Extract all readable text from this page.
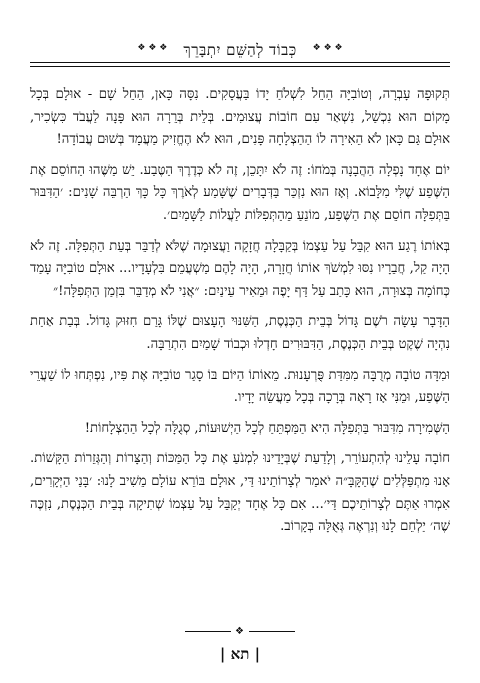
❖ ❖ ❖	כְּבוֹד לְהַשֵּׁם יִתְבָּרֵךְ	❖ ❖ ❖

תְּקוּפָה עָבְרָה, וְטוֹבִיָּה הֵחֵל לִשְׁלֹחַ יָדוֹ בַּעֲסָקִים. נִסָּה כָּאן, הֵחֵל שָׁם - אוּלָם בְּכָל מָקוֹם הוּא נִכְשַׁל, נִשְׁאַר עִם חוֹבוֹת עֲצוּמִים. בְּלֵית בְּרֵרָה הוּא פָּנָה לַעֲבֹד כִּשְׂכִיר, אוּלָם גַּם כָּאן לֹא הֵאִירָה לוֹ הַהַצְלָחָה פָּנִים, הוּא לֹא הֶחֱזִיק מַעֲמָד בְּשׁוּם עֲבוֹדָה!

יוֹם אֶחָד נָפְלָה הַהֲבָנָה בְּמֹחוֹ: זֶה לֹא יִתָּכֵן, זֶה לֹא כְּדֶרֶךְ הַטֶּבַע. יֵשׁ מַשֶּׁהוּ הַחוֹסֵם אֶת הַשֶּׁפַע שֶׁלִּי מִלָּבוֹא. וְאָז הוּא נִזְכַּר בַּדְּבָרִים שֶׁשָּׁמַע לְאֹרֶךְ כָּל כָּךְ הַרְבֵּה שָׁנִים: ׳הַדִּבּוּר בַּתְּפִלָּה חוֹסֵם אֶת הַשֶּׁפַע, מוֹנֵעַ מֵהַתְּפִלּוֹת לַעֲלוֹת לַשָּׁמַיִם׳.

בְּאוֹתוֹ רֶגַע הוּא קִבֵּל עַל עַצְמוֹ בְּקַבָּלָה חֲזָקָה וַעֲצוּמָה שֶׁלֹּא לְדַבֵּר בְּעֵת הַתְּפִלָּה. זֶה לֹא הָיָה קַל, חֲבֵרָיו נִסּוּ לִמְשֹׁךְ אוֹתוֹ חֲזָרָה, הָיָה לָהֶם מַשְׁעֲמֵם בִּלְעָדָיו... אוּלָם טוֹבִיָּה עָמַד כְּחוֹמָה בְּצוּרָה, הוּא כָּתַב עַל דַּף יָפֶה וּמֵאִיר עֵינַיִם: ״אֲנִי לֹא מְדַבֵּר בִּזְמַן הַתְּפִלָּה!״

הַדָּבָר עָשָׂה רֹשֶׁם גָּדוֹל בְּבֵית הַכְּנֶסֶת, הַשִּׁנּוּי הָעָצוּם שֶׁלּוֹ גָּרַם חִזּוּק גָּדוֹל. בְּבַת אַחַת נִהְיָה שֶׁקֶט בְּבֵית הַכְּנֶסֶת, הַדִּבּוּרִים חָדְלוּ וּכְבוֹד שָׁמַיִם הִתְרַבָּה.

וּמִדָּה טוֹבָה מְרֻבָּה מִמִּדַּת פֻּרְעָנוּת. מֵאוֹתוֹ הַיּוֹם בּוֹ סָגַר טוֹבִיָּה אֶת פִּיו, נִפְתְּחוּ לוֹ שַׁעֲרֵי הַשֶּׁפַע, וּמֵנִּי אָז רָאָה בְּרָכָה בְּכָל מַעֲשֵׂה יָדָיו.

הַשְּׁמִירָה מִדִּבּוּר בַּתְּפִלָּה הִיא הַמַּפְתֵּחַ לְכָל הַיְשׁוּעוֹת, סְגֻלָּה לְכָל הַהַצְלָחוֹת!

חוֹבָה עָלֵינוּ לְהִתְעוֹרֵר, וְלָדַעַת שֶׁבְּיָדֵינוּ לִמְנֹעַ אֶת כָּל הַמַּכּוֹת וְהַצָּרוֹת וְהַגְּזֵרוֹת הַקָּשׁוֹת. אָנוּ מִתְפַּלְּלִים שֶׁהַקָּבָּ״ה יֹאמַר לְצָרוֹתֵינוּ דַּי, אוּלָם בּוֹרֵא עוֹלָם מֵשִׁיב לָנוּ: ׳בָּנַי הַיְּקָרִים, אִמְרוּ אַתֶּם לְצָרוֹתֵיכֶם דַּי׳... אִם כָּל אֶחָד יְקַבֵּל עַל עַצְמוֹ שְׁתִיקָה בְּבֵית הַכְּנֶסֶת, נִזְכֶּה שֶׁה׳ יַלְחֵם לָנוּ וְנִרְאֶה גְּאֻלָּה בְּקָרוֹב.

❖
| תא |
